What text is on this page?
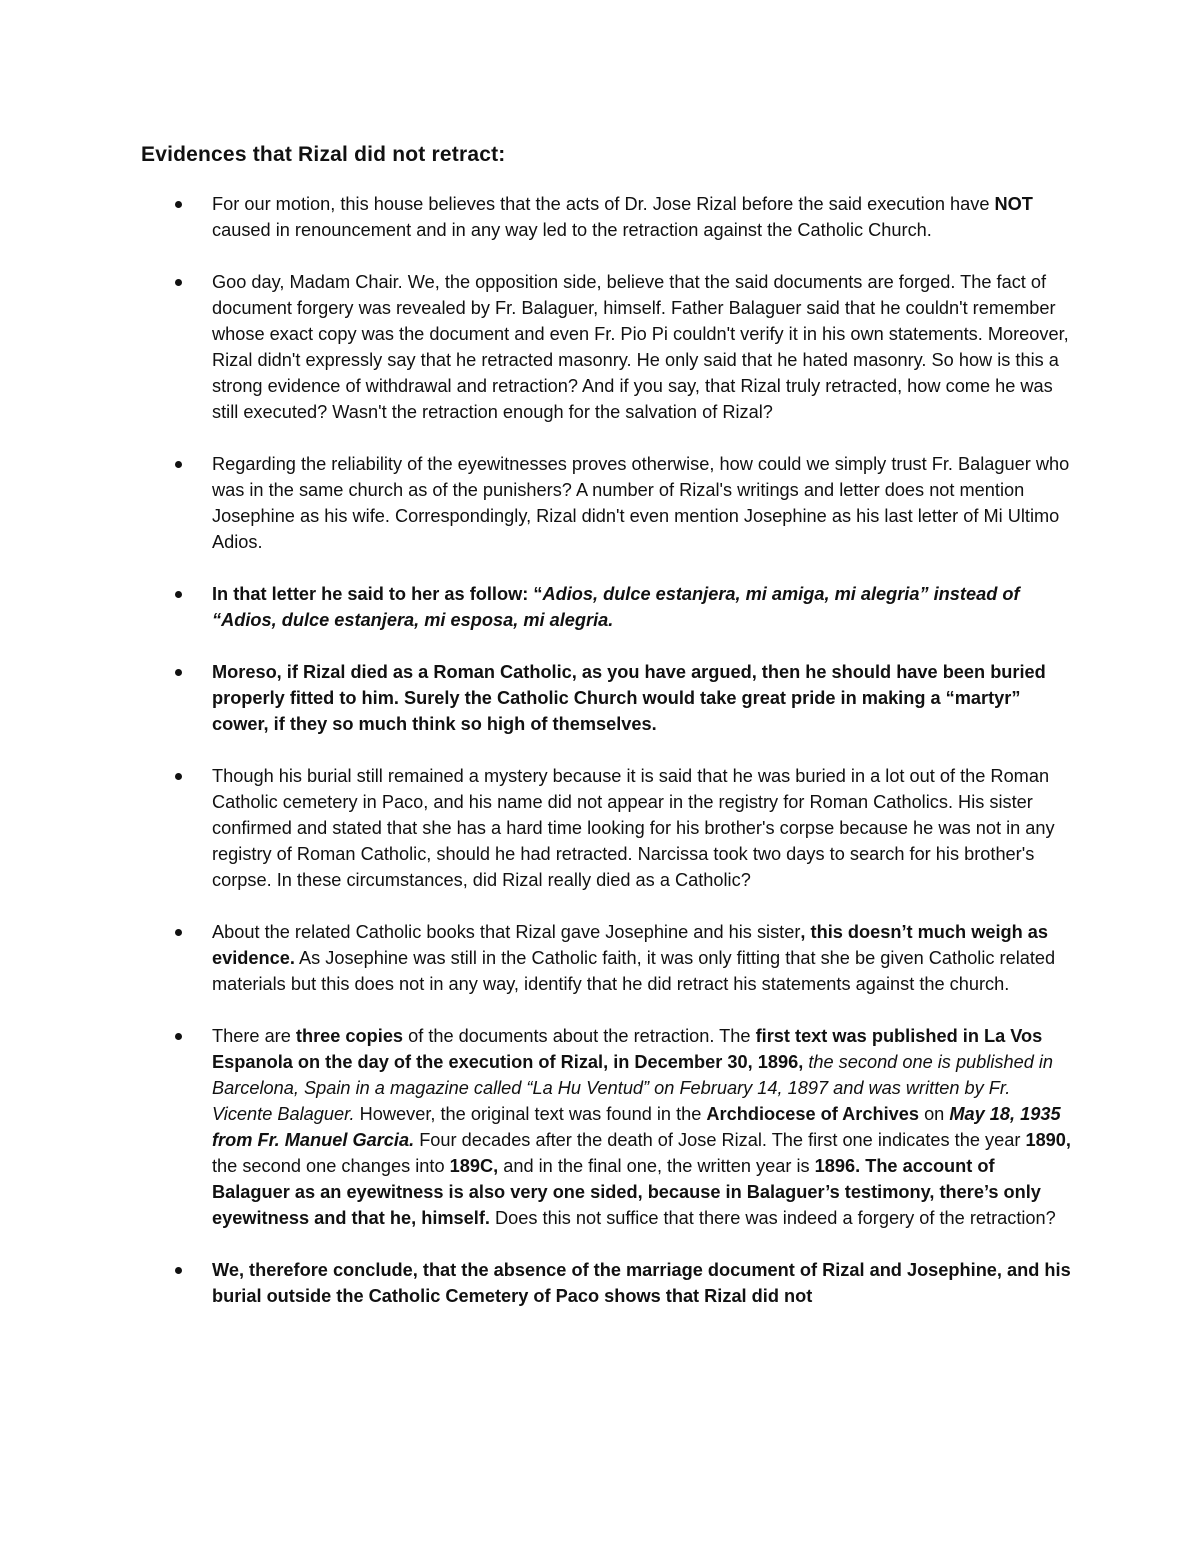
Evidences that Rizal did not retract:
For our motion, this house believes that the acts of Dr. Jose Rizal before the said execution have NOT caused in renouncement and in any way led to the retraction against the Catholic Church.
Goo day, Madam Chair. We, the opposition side, believe that the said documents are forged. The fact of document forgery was revealed by Fr. Balaguer, himself. Father Balaguer said that he couldn't remember whose exact copy was the document and even Fr. Pio Pi couldn't verify it in his own statements. Moreover, Rizal didn't expressly say that he retracted masonry. He only said that he hated masonry. So how is this a strong evidence of withdrawal and retraction? And if you say, that Rizal truly retracted, how come he was still executed? Wasn't the retraction enough for the salvation of Rizal?
Regarding the reliability of the eyewitnesses proves otherwise, how could we simply trust Fr. Balaguer who was in the same church as of the punishers? A number of Rizal's writings and letter does not mention Josephine as his wife. Correspondingly, Rizal didn't even mention Josephine as his last letter of Mi Ultimo Adios.
In that letter he said to her as follow: “Adios, dulce estanjera, mi amiga, mi alegria” instead of “Adios, dulce estanjera, mi esposa, mi alegria.
Moreso, if Rizal died as a Roman Catholic, as you have argued, then he should have been buried properly fitted to him. Surely the Catholic Church would take great pride in making a “martyr” cower, if they so much think so high of themselves.
Though his burial still remained a mystery because it is said that he was buried in a lot out of the Roman Catholic cemetery in Paco, and his name did not appear in the registry for Roman Catholics. His sister confirmed and stated that she has a hard time looking for his brother's corpse because he was not in any registry of Roman Catholic, should he had retracted. Narcissa took two days to search for his brother's corpse. In these circumstances, did Rizal really died as a Catholic?
About the related Catholic books that Rizal gave Josephine and his sister, this doesn’t much weigh as evidence. As Josephine was still in the Catholic faith, it was only fitting that she be given Catholic related materials but this does not in any way, identify that he did retract his statements against the church.
There are three copies of the documents about the retraction. The first text was published in La Vos Espanola on the day of the execution of Rizal, in December 30, 1896, the second one is published in Barcelona, Spain in a magazine called “La Hu Ventud” on February 14, 1897 and was written by Fr. Vicente Balaguer. However, the original text was found in the Archdiocese of Archives on May 18, 1935 from Fr. Manuel Garcia. Four decades after the death of Jose Rizal. The first one indicates the year 1890, the second one changes into 189C, and in the final one, the written year is 1896. The account of Balaguer as an eyewitness is also very one sided, because in Balaguer’s testimony, there’s only eyewitness and that he, himself. Does this not suffice that there was indeed a forgery of the retraction?
We, therefore conclude, that the absence of the marriage document of Rizal and Josephine, and his burial outside the Catholic Cemetery of Paco shows that Rizal did not
